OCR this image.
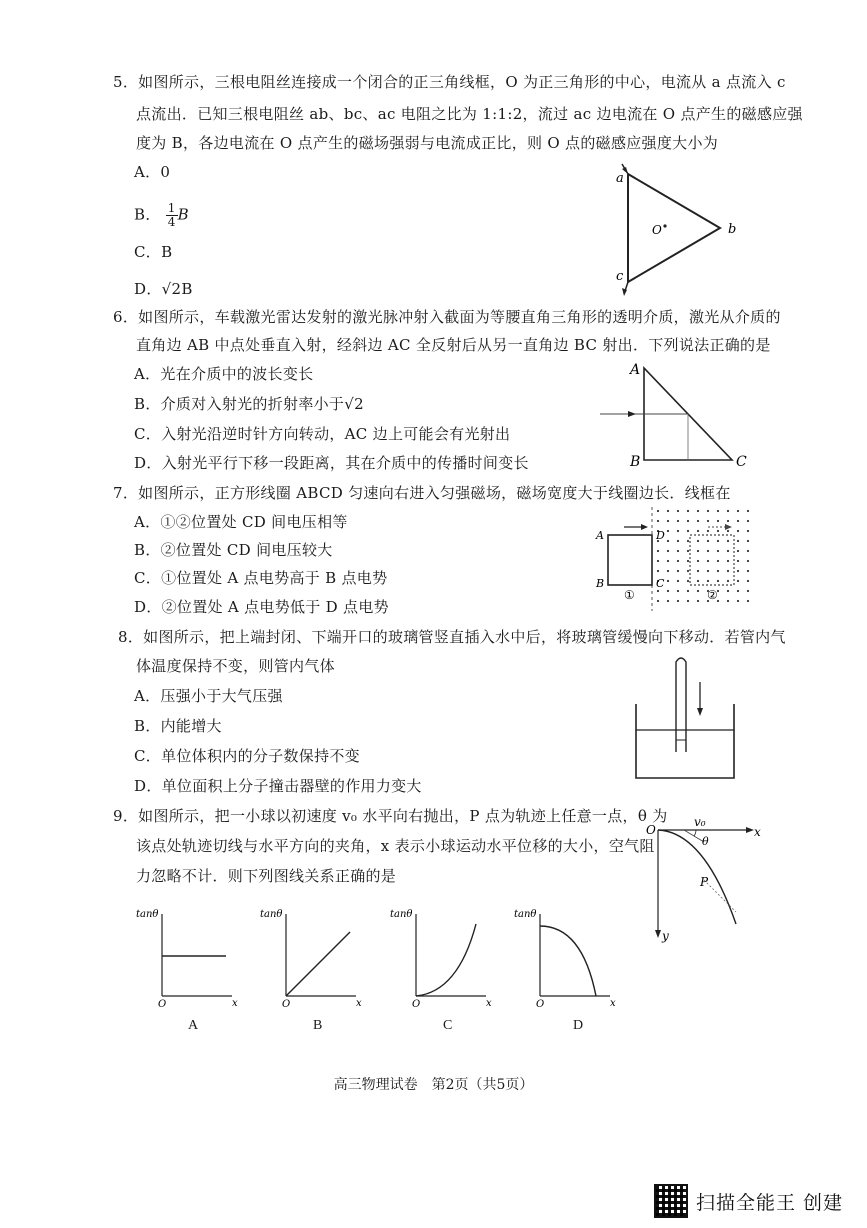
5．如图所示，三根电阻丝连接成一个闭合的正三角线框，O 为正三角形的中心，电流从 a 点流入 c
点流出．已知三根电阻丝 ab、bc、ac 电阻之比为 1:1:2，流过 ac 边电流在 O 点产生的磁感应强
度为 B，各边电流在 O 点产生的磁场强弱与电流成正比，则 O 点的磁感应强度大小为
A．0
B． $\frac{1}{4}$ B
C．B
D．√2B
a
b
c
O
6．如图所示，车载激光雷达发射的激光脉冲射入截面为等腰直角三角形的透明介质，激光从介质的
直角边 AB 中点处垂直入射，经斜边 AC 全反射后从另一直角边 BC 射出．下列说法正确的是
A．光在介质中的波长变长
B．介质对入射光的折射率小于√2
C．入射光沿逆时针方向转动，AC 边上可能会有光射出
D．入射光平行下移一段距离，其在介质中的传播时间变长
A
B	C
7．如图所示，正方形线圈 ABCD 匀速向右进入匀强磁场，磁场宽度大于线圈边长．线框在
A．①②位置处 CD 间电压相等
B．②位置处 CD 间电压较大
C．①位置处 A 点电势高于 B 点电势
D．②位置处 A 点电势低于 D 点电势
A
B	C
D
①	②
8．如图所示，把上端封闭、下端开口的玻璃管竖直插入水中后，将玻璃管缓慢向下移动．若管内气
体温度保持不变，则管内气体
A．压强小于大气压强
B．内能增大
C．单位体积内的分子数保持不变
D．单位面积上分子撞击器壁的作用力变大
9．如图所示，把一小球以初速度 v₀ 水平向右抛出，P 点为轨迹上任意一点，θ 为
该点处轨迹切线与水平方向的夹角，x 表示小球运动水平位移的大小，空气阻
力忽略不计．则下列图线关系正确的是
O
v₀
x
θ
P
y
tanθ
O	x
tanθ
O	x
tanθ
O	x
tanθ
O	x
A	B	C	D
高三物理试卷　第2页（共5页）
扫描全能王 创建
